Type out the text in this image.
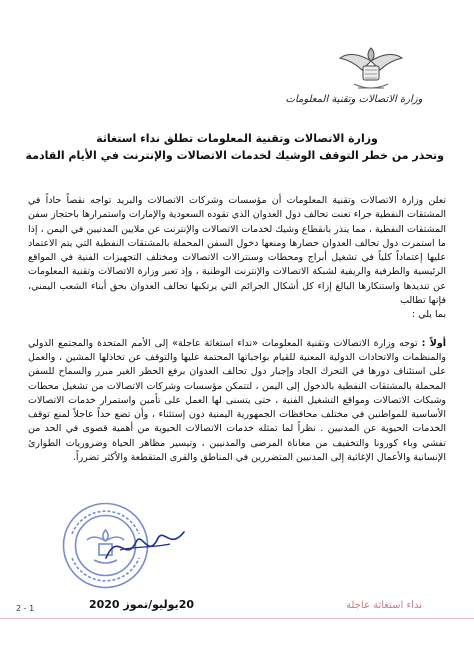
وزارة الاتصالات وتقنية المعلومات
وزارة الاتصالات وتقنية المعلومات تطلق نداء استغاثة
وتحذر من خطر التوقف الوشيك لخدمات الاتصالات والإنترنت في الأيام القادمة

تعلن وزارة الاتصالات وتقنية المعلومات أن مؤسسات وشركات الاتصالات والبريد تواجه نقصاً حاداً في المشتقات النفطية جراء تعنت تحالف دول العدوان الذي تقوده السعودية والإمارات واستمرارها باحتجاز سفن المشتقات النفطية ، مما ينذر بانقطاع وشيك لخدمات الاتصالات والإنترنت عن ملايين المدنيين في اليمن ، إذا ما استمرت دول تحالف العدوان حصارها ومنعها دخول السفن المحملة بالمشتقات النفطية التي يتم الاعتماد عليها إعتماداً كلياً في تشغيل أبراج ومحطات وسنترالات الاتصالات ومختلف التجهيزات الفنية في المواقع الرئيسية والطرفية والريفية لشبكة الاتصالات والإنترنت الوطنية ، وإذ تعبر وزارة الاتصالات وتقنية المعلومات عن تنديدها واستنكارها البالغ إزاء كل أشكال الجرائم التي يرتكبها تحالف العدوان بحق أبناء الشعب اليمني، فإنها تطالب
بما يلي :

أولاً : توجه وزارة الاتصالات وتقنية المعلومات «نداء استغاثة عاجلة» إلى الأمم المتحدة والمجتمع الدولي والمنظمات والاتحادات الدولية المعنية للقيام بواجباتها المحتمة عليها والتوقف عن تخاذلها المشين ، والعمل على استئناف دورها في التحرك الجاد وإجبار دول تحالف العدوان برفع الحظر الغير مبرر والسماح للسفن المحملة بالمشتقات النفطية بالدخول إلى اليمن ، لتتمكن مؤسسات وشركات الاتصالات من تشغيل محطات وشبكات الاتصالات ومواقع التشغيل الفنية ، حتى يتسنى لها العمل على تأمين واستمرار خدمات الاتصالات الأساسية للمواطنين في مختلف محافظات الجمهورية اليمنية دون إستثناء ، وأن تضع حداً عاجلاً لمنع توقف الخدمات الحيوية عن المدنيين . نظراً لما تمثله خدمات الاتصالات الحيوية من أهمية قصوى في الحد من تفشي وباء كورونا والتخفيف من معاناة المرضى والمدنيين ، وتيسير مظاهر الحياة وضروريات الطوارئ الإنسانية والأعمال الإغاثية إلى المدنيين المتضررين في المناطق والقرى المتقطعة والأكثر تضرراً.

20يوليو/تموز 2020	نداء استغاثة عاجلة
2 - 1
